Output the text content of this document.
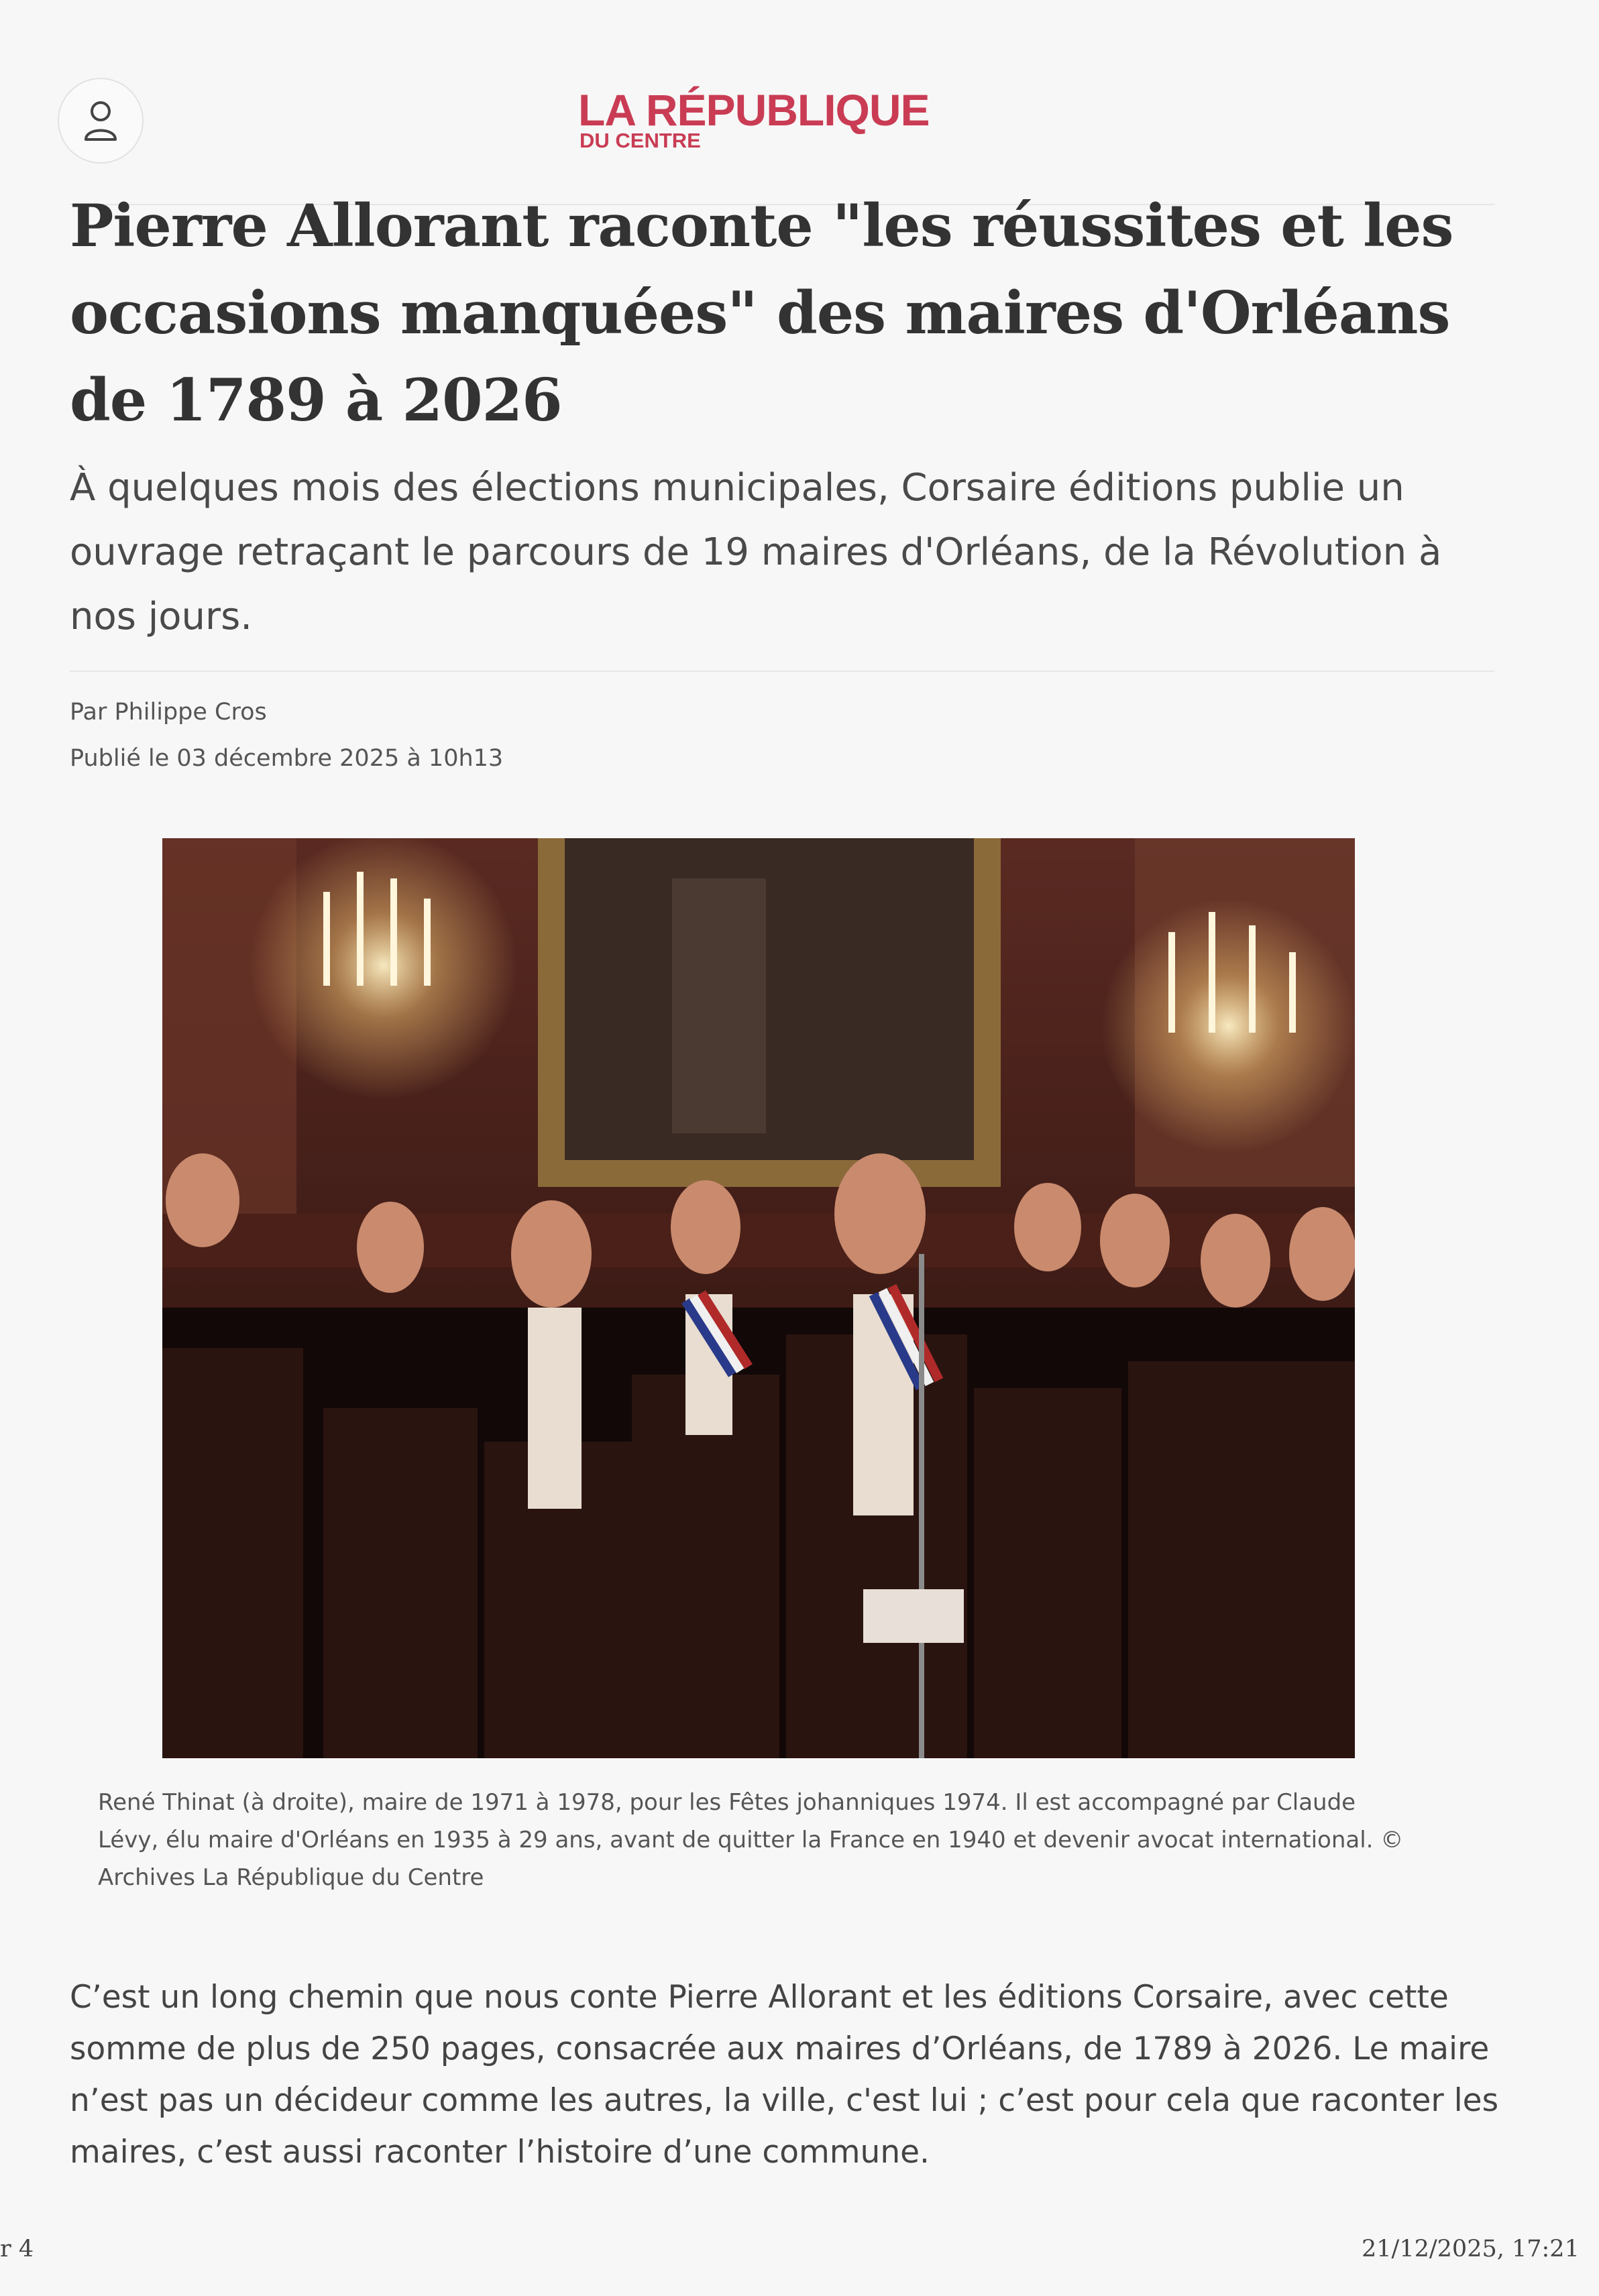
LA RÉPUBLIQUE
DU CENTRE
Pierre Allorant raconte "les réussites et les occasions manquées" des maires d'Orléans de 1789 à 2026

À quelques mois des élections municipales, Corsaire éditions publie un ouvrage retraçant le parcours de 19 maires d'Orléans, de la Révolution à nos jours.

Par Philippe Cros
Publié le 03 décembre 2025 à 10h13

René Thinat (à droite), maire de 1971 à 1978, pour les Fêtes johanniques 1974. Il est accompagné par Claude Lévy, élu maire d'Orléans en 1935 à 29 ans, avant de quitter la France en 1940 et devenir avocat international. © Archives La République du Centre

C’est un long chemin que nous conte Pierre Allorant et les éditions Corsaire, avec cette somme de plus de 250 pages, consacrée aux maires d’Orléans, de 1789 à 2026. Le maire n’est pas un décideur comme les autres, la ville, c'est lui ; c’est pour cela que raconter les maires, c’est aussi raconter l’histoire d’une commune.

r 4	21/12/2025, 17:21
